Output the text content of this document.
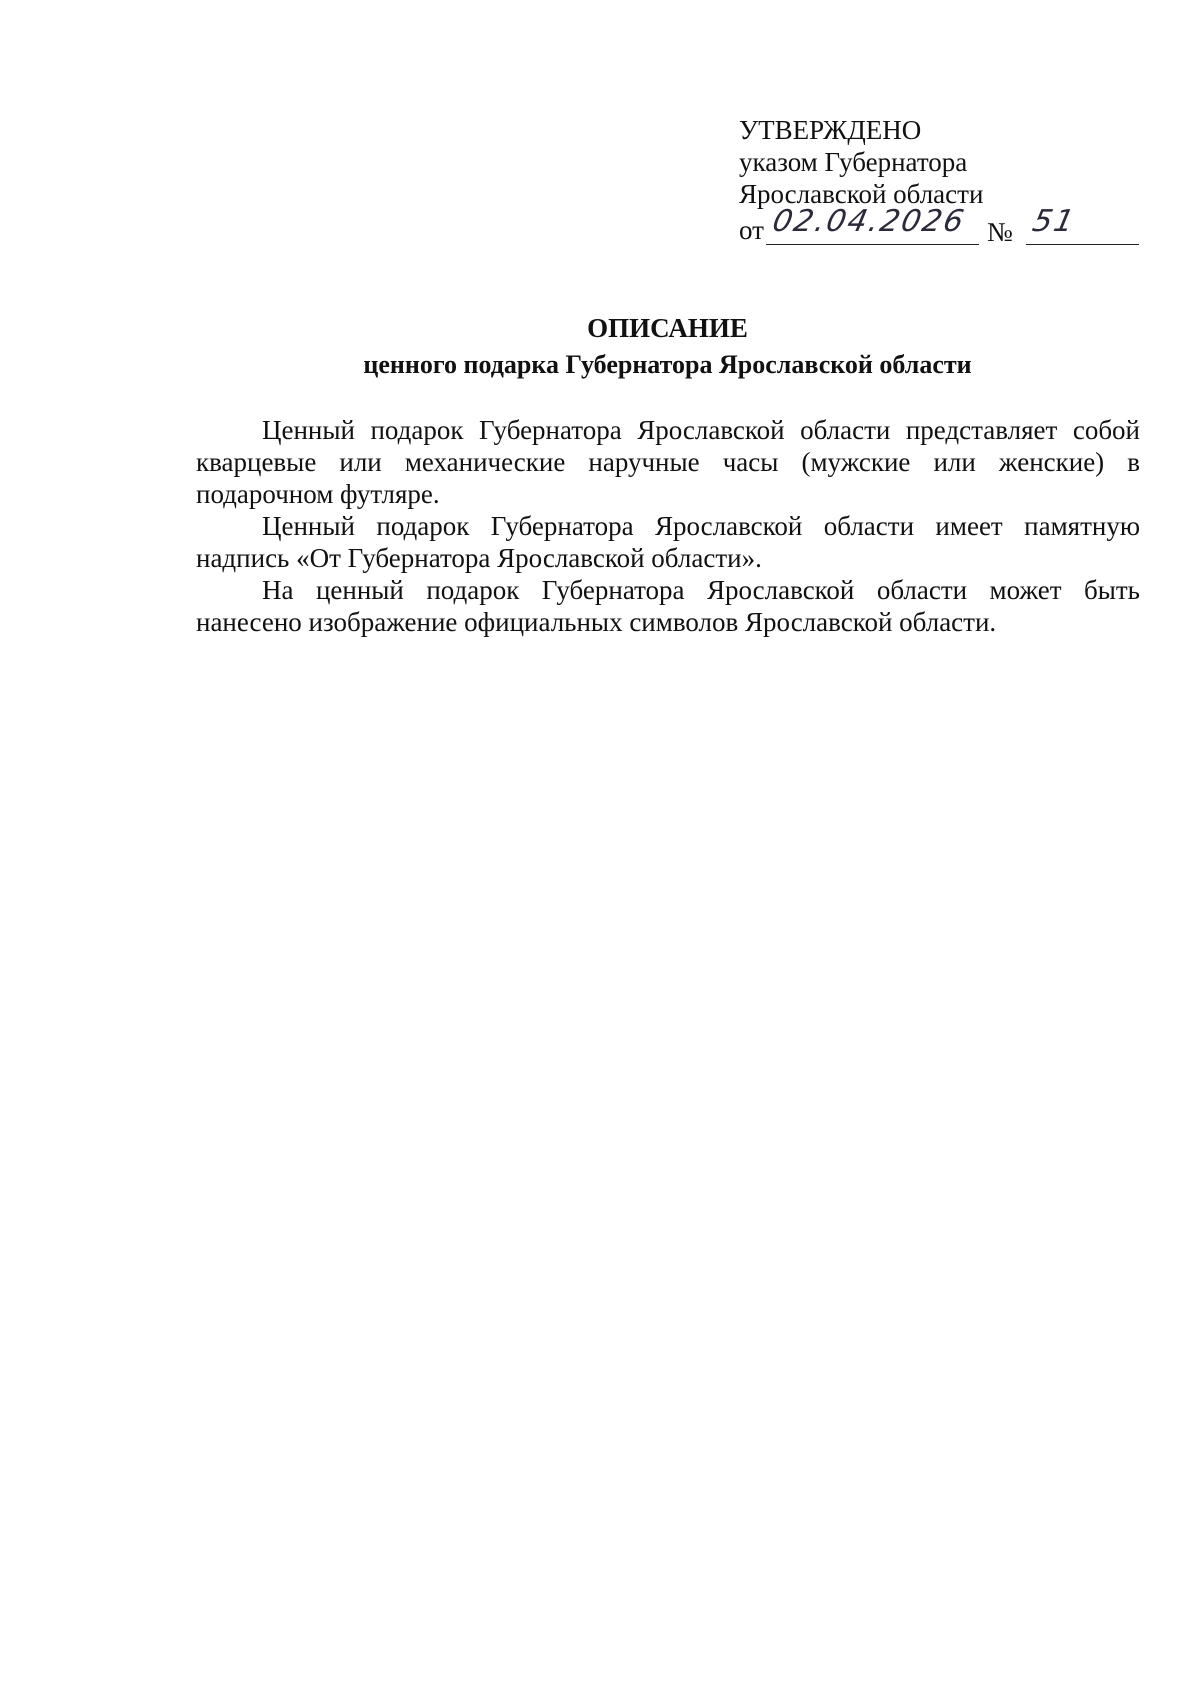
УТВЕРЖДЕНО
указом Губернатора
Ярославской области
от 02.04.2026 № 51
ОПИСАНИЕ
ценного подарка Губернатора Ярославской области

Ценный подарок Губернатора Ярославской области представляет собой кварцевые или механические наручные часы (мужские или женские) в подарочном футляре.

Ценный подарок Губернатора Ярославской области имеет памятную надпись «От Губернатора Ярославской области».

На ценный подарок Губернатора Ярославской области может быть нанесено изображение официальных символов Ярославской области.
